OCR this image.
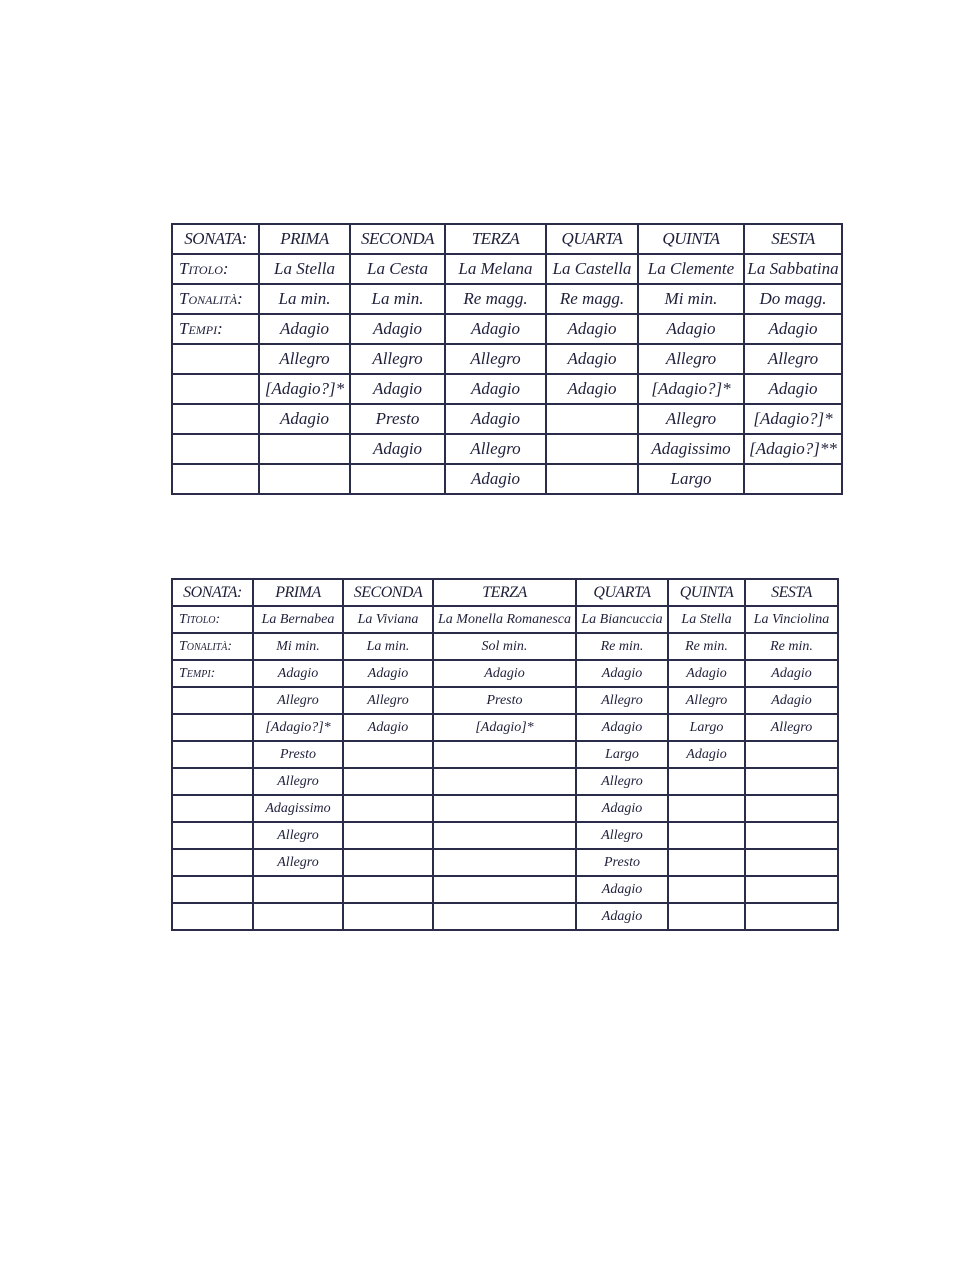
SONATA:	PRIMA	SECONDA	TERZA	QUARTA	QUINTA	SESTA
Titolo:	La Stella	La Cesta	La Melana	La Castella	La Clemente	La Sabbatina
Tonalità:	La min.	La min.	Re magg.	Re magg.	Mi min.	Do magg.
Tempi:	Adagio	Adagio	Adagio	Adagio	Adagio	Adagio
	Allegro	Allegro	Allegro	Adagio	Allegro	Allegro
	[Adagio?]*	Adagio	Adagio	Adagio	[Adagio?]*	Adagio
	Adagio	Presto	Adagio		Allegro	[Adagio?]*
		Adagio	Allegro		Adagissimo	[Adagio?]**
			Adagio		Largo	
SONATA:	PRIMA	SECONDA	TERZA	QUARTA	QUINTA	SESTA
Titolo:	La Bernabea	La Viviana	La Monella Romanesca	La Biancuccia	La Stella	La Vinciolina
Tonalità:	Mi min.	La min.	Sol min.	Re min.	Re min.	Re min.
Tempi:	Adagio	Adagio	Adagio	Adagio	Adagio	Adagio
	Allegro	Allegro	Presto	Allegro	Allegro	Adagio
	[Adagio?]*	Adagio	[Adagio]*	Adagio	Largo	Allegro
	Presto			Largo	Adagio	
	Allegro			Allegro		
	Adagissimo			Adagio		
	Allegro			Allegro		
	Allegro			Presto		
				Adagio		
				Adagio		
